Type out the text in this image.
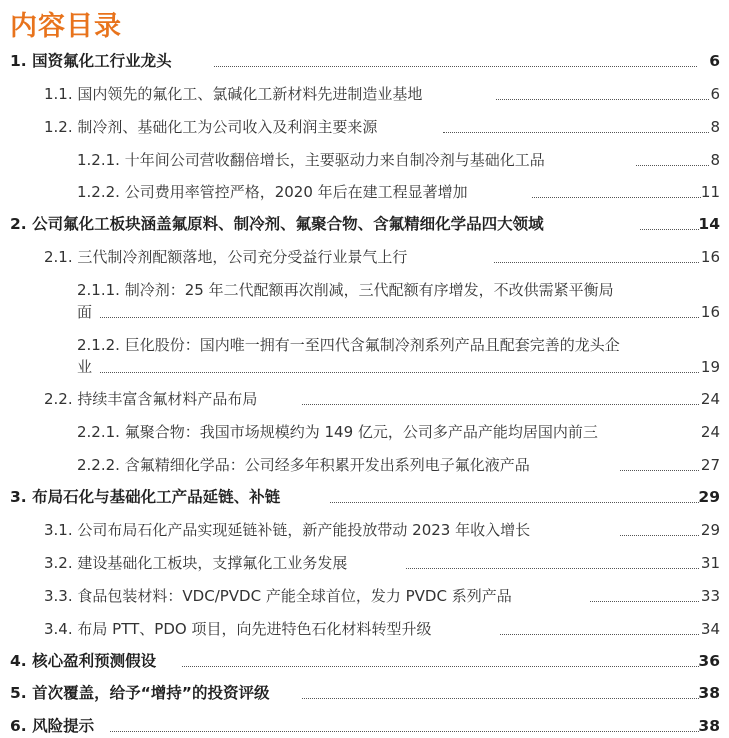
内容目录
1. 国资氟化工行业龙头	6
1.1. 国内领先的氟化工、氯碱化工新材料先进制造业基地	6
1.2. 制冷剂、基础化工为公司收入及利润主要来源	8
1.2.1. 十年间公司营收翻倍增长，主要驱动力来自制冷剂与基础化工品	8
1.2.2. 公司费用率管控严格，2020 年后在建工程显著增加	11
2. 公司氟化工板块涵盖氟原料、制冷剂、氟聚合物、含氟精细化学品四大领域	14
2.1. 三代制冷剂配额落地，公司充分受益行业景气上行	16
2.1.1. 制冷剂：25 年二代配额再次削减，三代配额有序增发，不改供需紧平衡局
面	16
2.1.2. 巨化股份：国内唯一拥有一至四代含氟制冷剂系列产品且配套完善的龙头企
业	19
2.2. 持续丰富含氟材料产品布局	24
2.2.1. 氟聚合物：我国市场规模约为 149 亿元，公司多产品产能均居国内前三	24
2.2.2. 含氟精细化学品：公司经多年积累开发出系列电子氟化液产品	27
3. 布局石化与基础化工产品延链、补链	29
3.1. 公司布局石化产品实现延链补链，新产能投放带动 2023 年收入增长	29
3.2. 建设基础化工板块，支撑氟化工业务发展	31
3.3. 食品包装材料：VDC/PVDC 产能全球首位，发力 PVDC 系列产品	33
3.4. 布局 PTT、PDO 项目，向先进特色石化材料转型升级	34
4. 核心盈利预测假设	36
5. 首次覆盖，给予“增持”的投资评级	38
6. 风险提示	38
